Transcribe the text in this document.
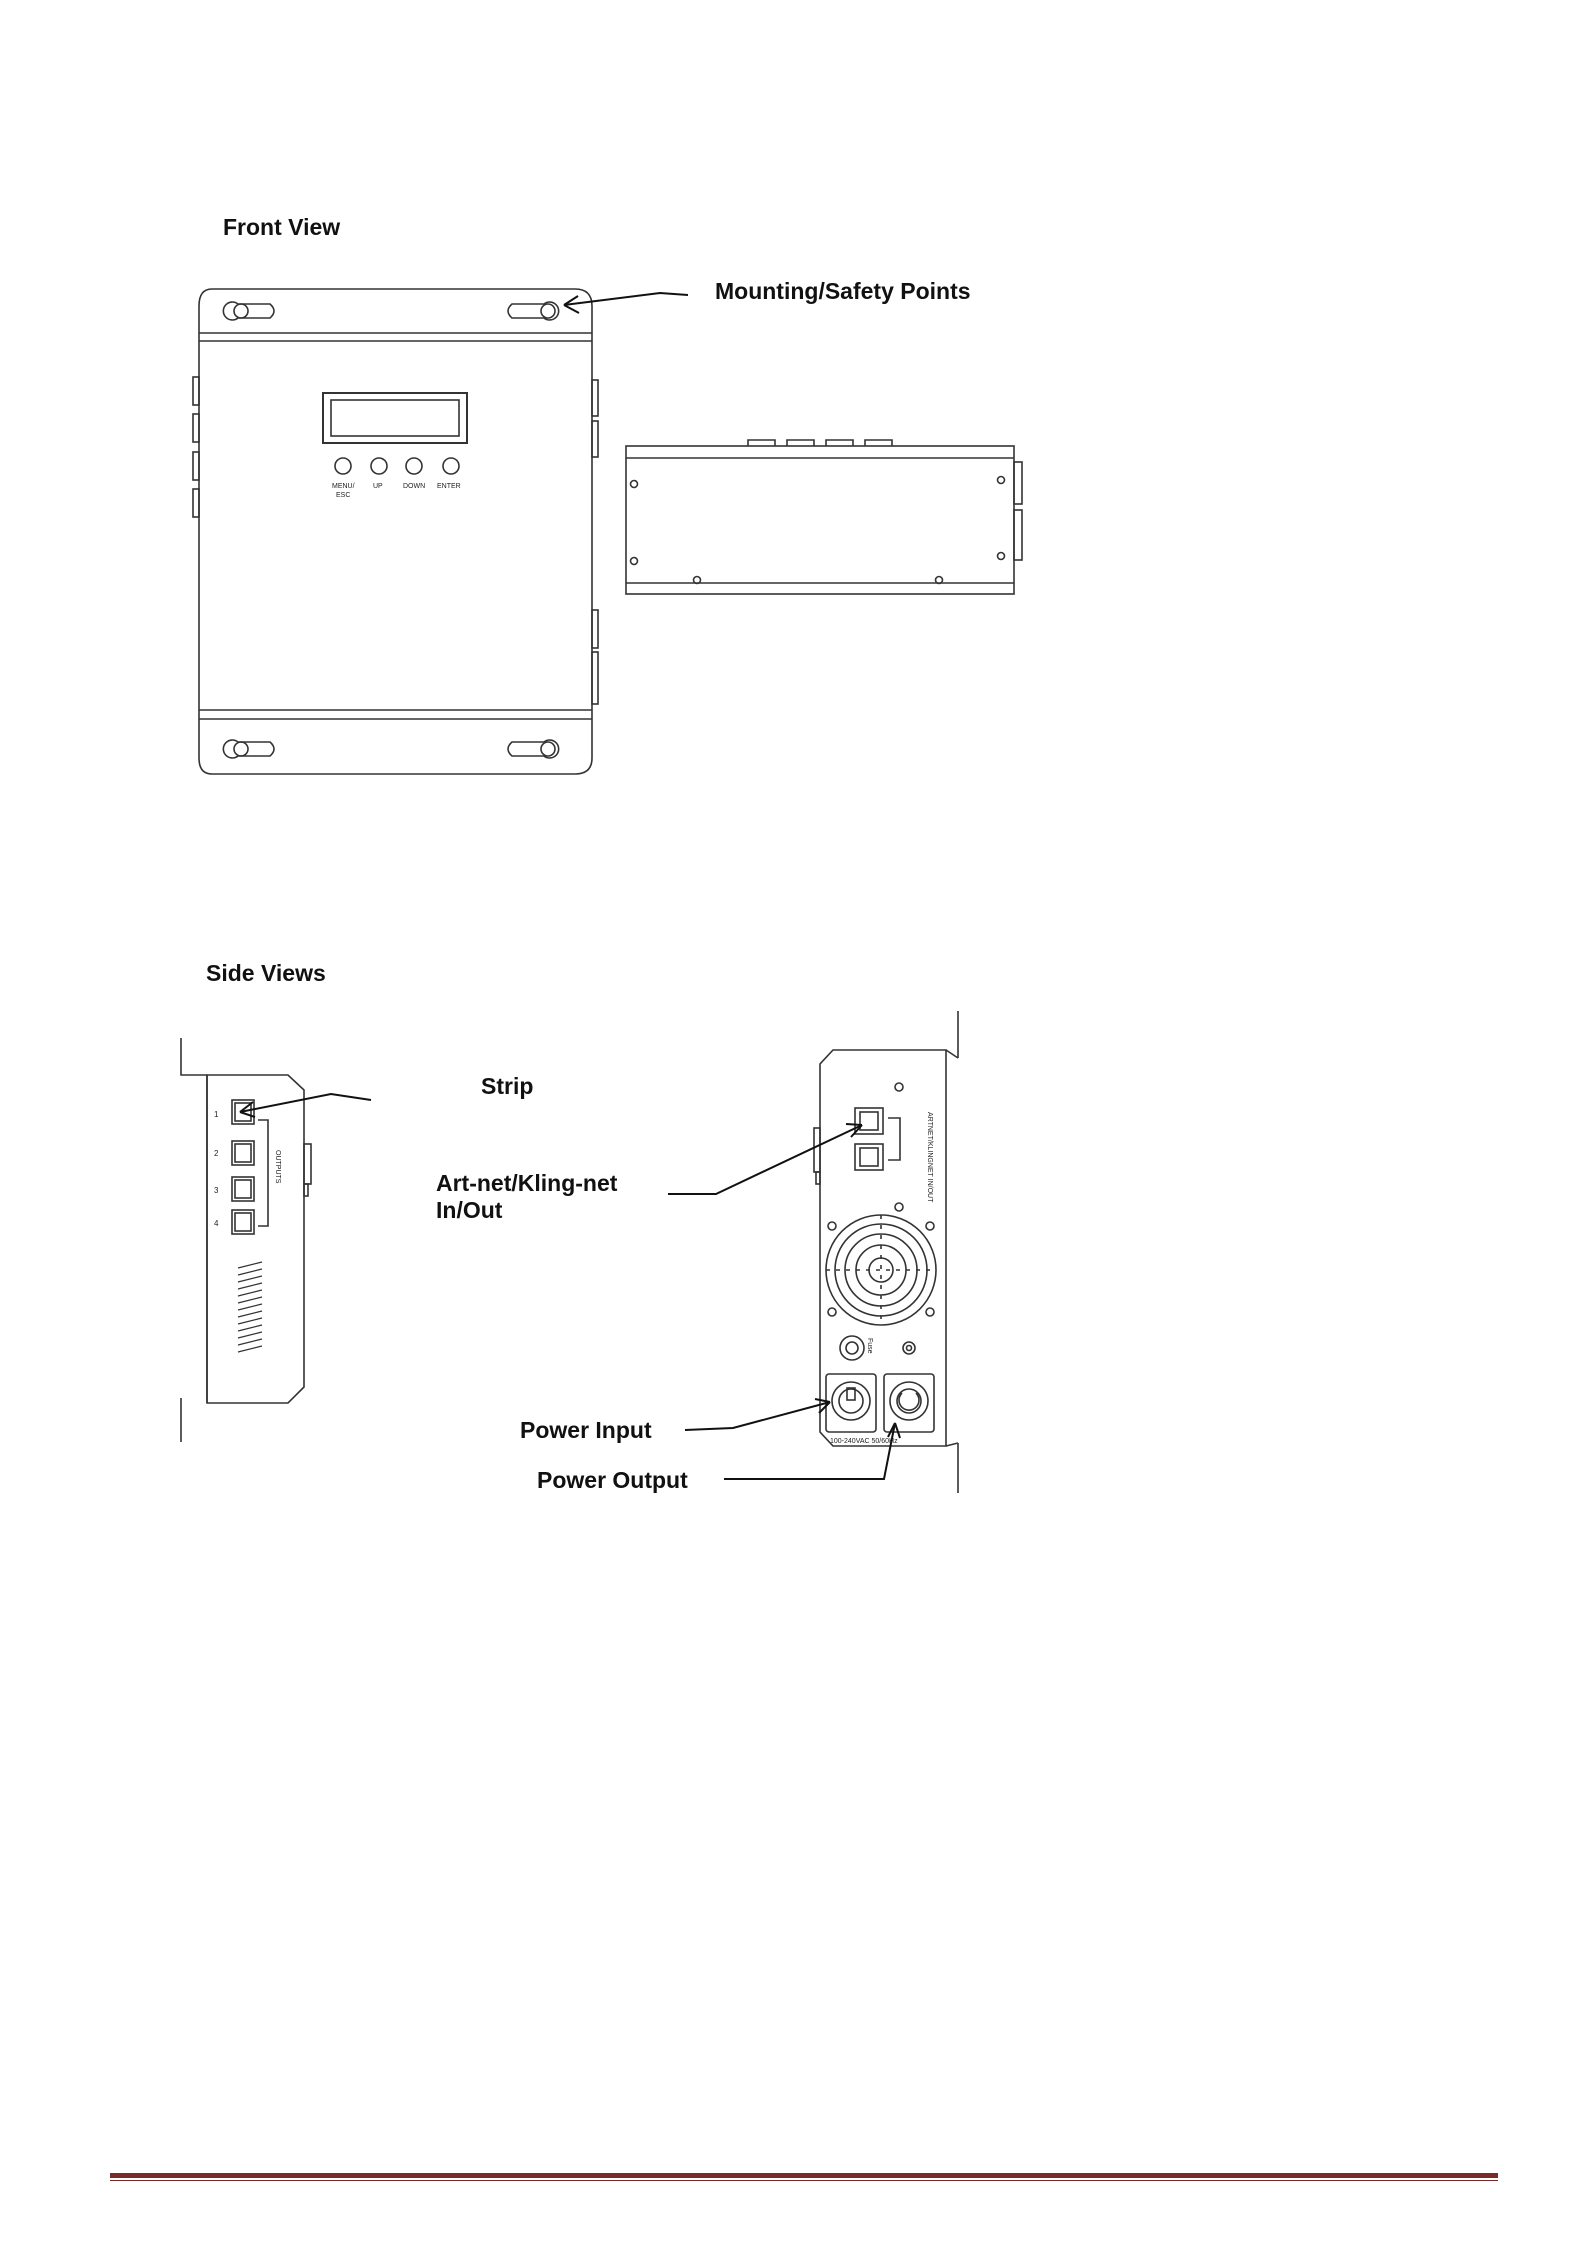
Front View
Mounting/Safety Points
Side Views
Strip
Art-net/Kling-net
In/Out
Power Input
Power Output
MENU/
ESC
UP	DOWN ENTER
1
2
3
4
OUTPUTS	ARTNET/KLINGNET IN/OUT
Fuse
100-240VAC 50/60Hz
